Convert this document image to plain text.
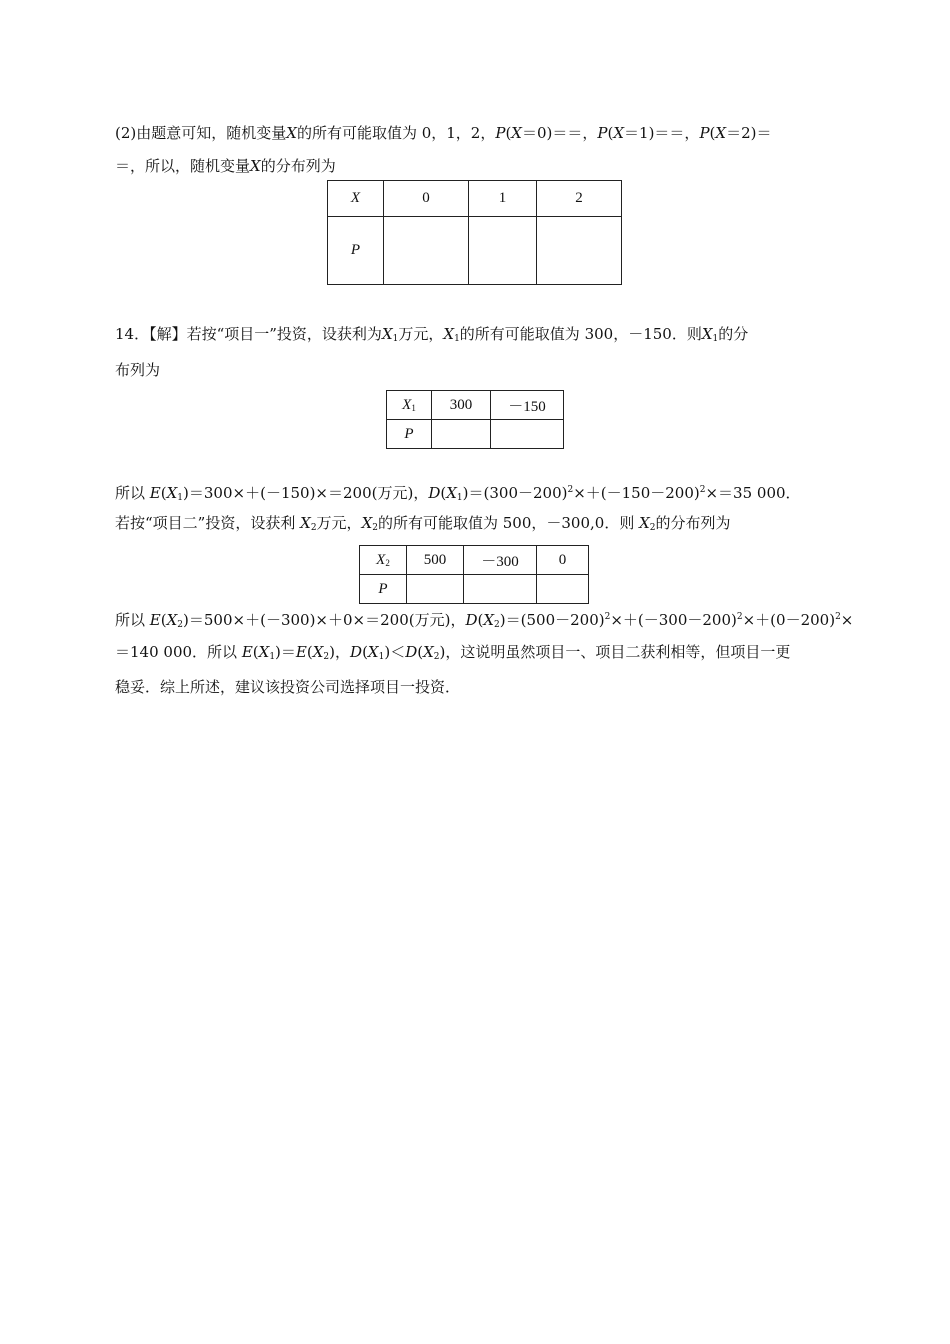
(2)由题意可知，随机变量X的所有可能取值为 0，1，2，P(X＝0)＝＝，P(X＝1)＝＝，P(X＝2)＝
＝，所以，随机变量X的分布列为
X	0	1	2
P			
14．【解】若按“项目一”投资，设获利为$X_1$万元，$X_1$的所有可能取值为 300，－150．则$X_1$的分
布列为
$X_1$	300	－150
P		
所以 $E(X_1)=300\times+(-150)\times=200$(万元)，$D(X_1)=(300-200)^2\times+(-150-200)^2\times=35$ 000．
若按“项目二”投资，设获利 $X_2$万元，$X_2$的所有可能取值为 500，－300,0．则 $X_2$的分布列为
$X_2$	500	－300	0
P			
所以 $E(X_2)=500\times+(-300)\times+0\times=200$(万元)，$D(X_2)=(500-200)^2\times+(-300-200)^2\times+(0-200)^2\times$
＝140 000．所以 $E(X_1)=E(X_2)$，$D(X_1)<D(X_2)$，这说明虽然项目一、项目二获利相等，但项目一更
稳妥．综上所述，建议该投资公司选择项目一投资．
